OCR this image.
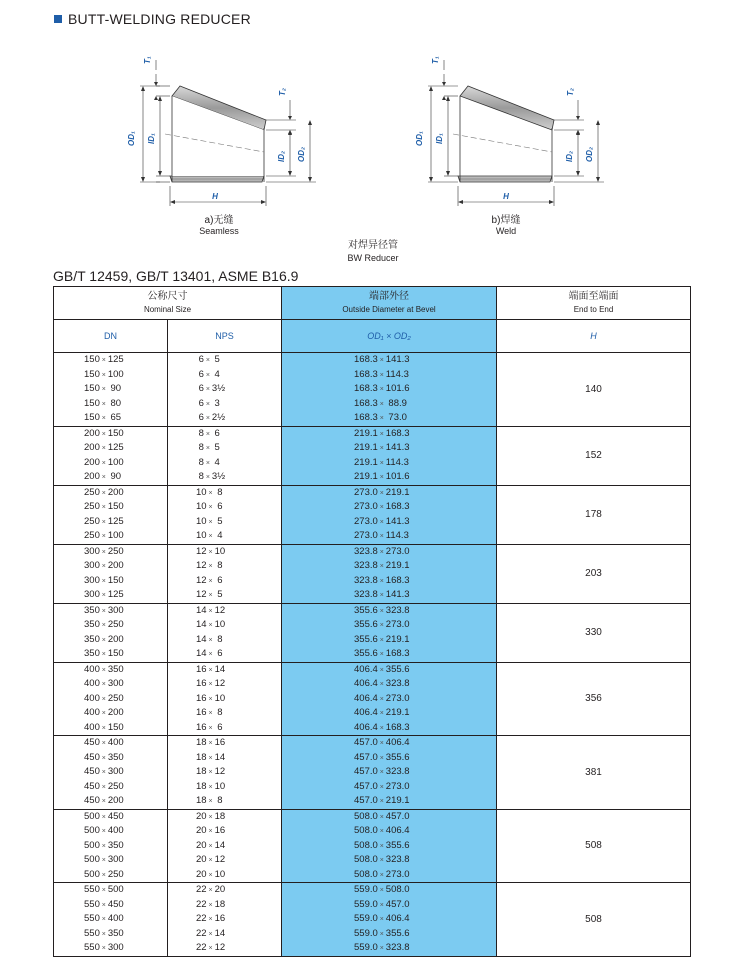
BUTT-WELDING REDUCER
T₁
OD₁ ID₁
T₂
ID₂ OD₂
H
a)无缝
Seamless
T₁
OD₁ ID₁
T₂
ID₂ OD₂
H
b)焊缝
Weld
对焊异径管
BW Reducer
GB/T 12459, GB/T 13401, ASME B16.9
公称尺寸
Nominal Size		端部外径
Outside Diameter at Bevel	端面至端面
End to End

DN	NPS	OD₁ × OD₂	H
150 × 125	6 ×  5	168.3 × 141.3	140
150 × 100	6 ×  4	168.3 × 114.3	
150 ×  90	6 × 3½	168.3 × 101.6	
150 ×  80	6 ×  3	168.3 ×  88.9	
150 ×  65	6 × 2½	168.3 ×  73.0	
200 × 150	8 ×  6	219.1 × 168.3	152
200 × 125	8 ×  5	219.1 × 141.3	
200 × 100	8 ×  4	219.1 × 114.3	
200 ×  90	8 × 3½	219.1 × 101.6	
250 × 200	10 ×  8	273.0 × 219.1	178
250 × 150	10 ×  6	273.0 × 168.3	
250 × 125	10 ×  5	273.0 × 141.3	
250 × 100	10 ×  4	273.0 × 114.3	
300 × 250	12 × 10	323.8 × 273.0	203
300 × 200	12 ×  8	323.8 × 219.1	
300 × 150	12 ×  6	323.8 × 168.3	
300 × 125	12 ×  5	323.8 × 141.3	
350 × 300	14 × 12	355.6 × 323.8	330
350 × 250	14 × 10	355.6 × 273.0	
350 × 200	14 ×  8	355.6 × 219.1	
350 × 150	14 ×  6	355.6 × 168.3	
400 × 350	16 × 14	406.4 × 355.6	356
400 × 300	16 × 12	406.4 × 323.8	
400 × 250	16 × 10	406.4 × 273.0	
400 × 200	16 ×  8	406.4 × 219.1	
400 × 150	16 ×  6	406.4 × 168.3	
450 × 400	18 × 16	457.0 × 406.4	381
450 × 350	18 × 14	457.0 × 355.6	
450 × 300	18 × 12	457.0 × 323.8	
450 × 250	18 × 10	457.0 × 273.0	
450 × 200	18 ×  8	457.0 × 219.1	
500 × 450	20 × 18	508.0 × 457.0	508
500 × 400	20 × 16	508.0 × 406.4	
500 × 350	20 × 14	508.0 × 355.6	
500 × 300	20 × 12	508.0 × 323.8	
500 × 250	20 × 10	508.0 × 273.0	
550 × 500	22 × 20	559.0 × 508.0	508
550 × 450	22 × 18	559.0 × 457.0	
550 × 400	22 × 16	559.0 × 406.4	
550 × 350	22 × 14	559.0 × 355.6	
550 × 300	22 × 12	559.0 × 323.8	
